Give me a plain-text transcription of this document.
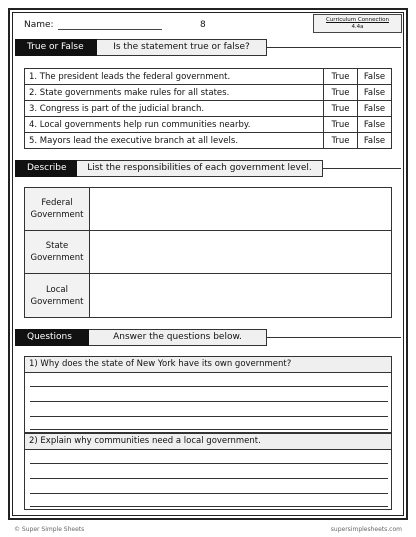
Name:	8	Curriculum Connection
4.4a
True or False	Is the statement true or false?
1. The president leads the federal government.	True	False
2. State governments make rules for all states.	True	False
3. Congress is part of the judicial branch.	True	False
4. Local governments help run communities nearby.	True	False
5. Mayors lead the executive branch at all levels.	True	False
Describe	List the responsibilities of each government level.
Federal
Government
State
Government
Local
Government
Questions	Answer the questions below.
1) Why does the state of New York have its own government?
2) Explain why communities need a local government.
© Super Simple Sheets	supersimplesheets.com
